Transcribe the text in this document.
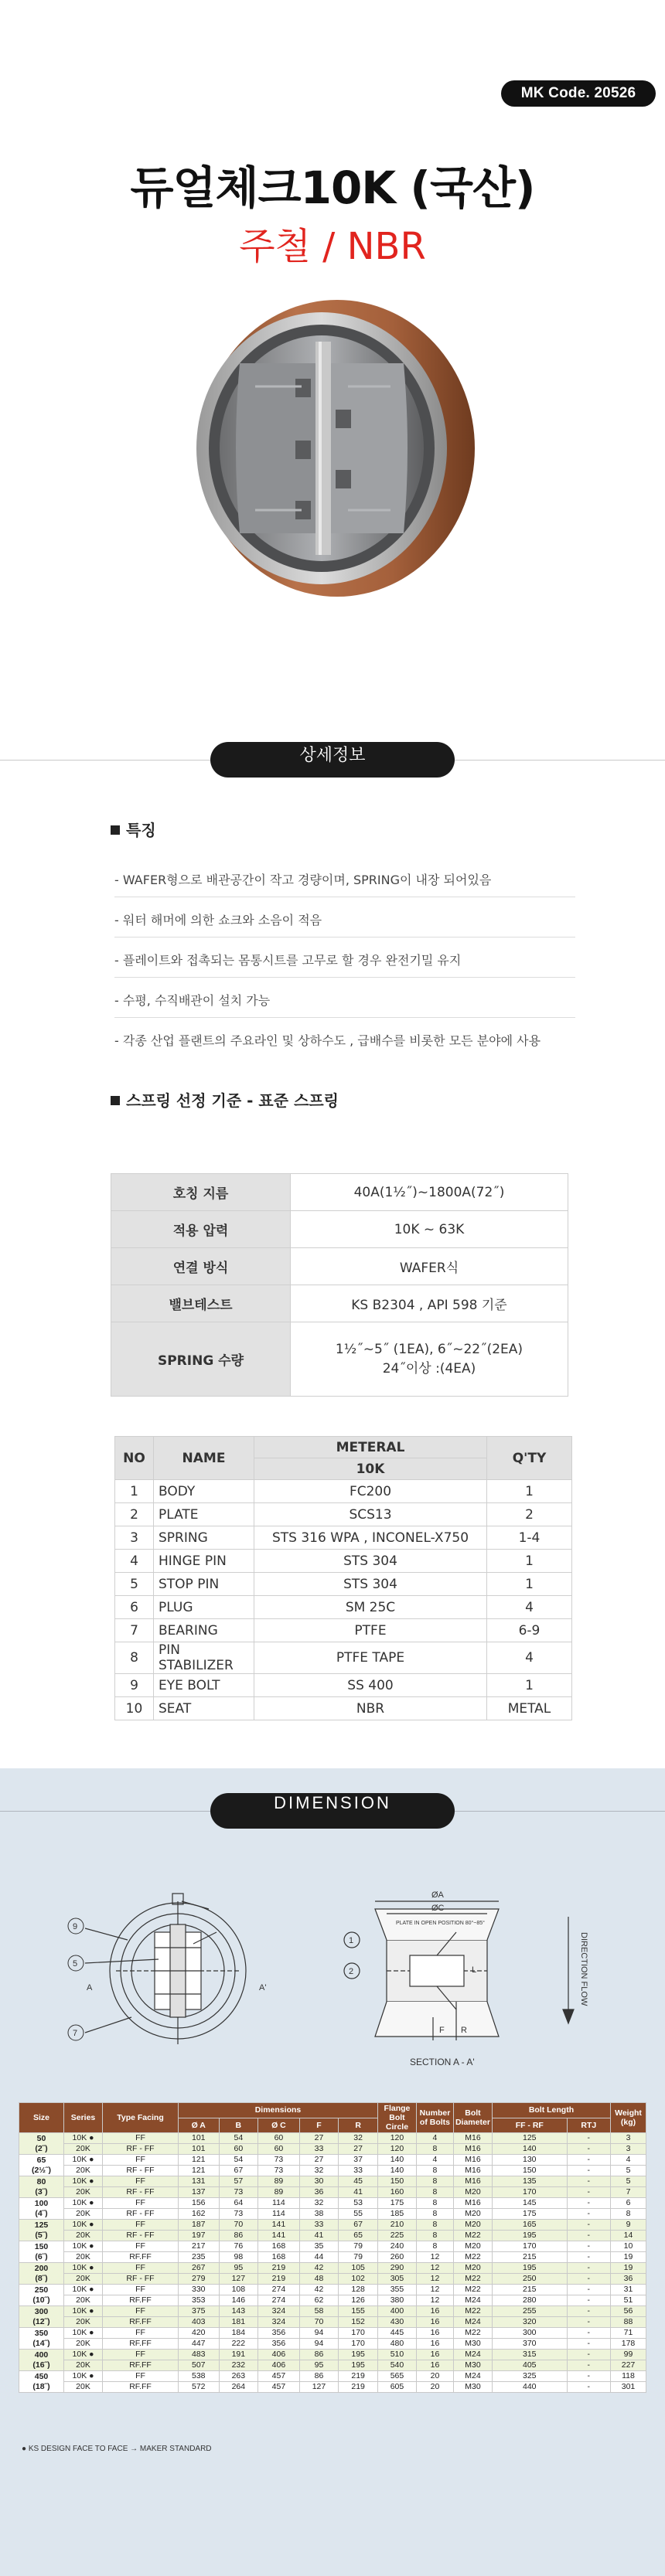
MK Code. 20526
듀얼체크10K (국산)
주철 / NBR
상세정보
특징
- WAFER형으로 배관공간이 작고 경량이며, SPRING이 내장 되어있음
- 워터 해머에 의한 쇼크와 소음이 적음
- 플레이트와 접촉되는 몸통시트를 고무로 할 경우 완전기밀 유지
- 수평, 수직배관이 설치 가능
- 각종 산업 플랜트의 주요라인 및 상하수도 , 급배수를 비롯한 모든 분야에 사용
스프링 선정 기준 - 표준 스프링
호칭 지름	40A(1½˝)~1800A(72˝)
적용 압력	10K ~ 63K
연결 방식	WAFER식
밸브테스트	KS B2304 , API 598 기준
SPRING 수량	1½˝~5˝ (1EA), 6˝~22˝(2EA)
24˝이상 :(4EA)
NO	NAME	METERAL	Q'TY
		10K	
1	BODY	FC200	1
2	PLATE	SCS13	2
3	SPRING	STS 316 WPA , INCONEL-X750	1-4
4	HINGE PIN	STS 304	1
5	STOP PIN	STS 304	1
6	PLUG	SM 25C	4
7	BEARING	PTFE	6-9
8	PIN STABILIZER	PTFE TAPE	4
9	EYE BOLT	SS 400	1
10	SEAT	NBR	METAL
DIMENSION
9
5
7
1
2
A	A'
ØA
ØC
PLATE IN OPEN POSITION 80°~85°
L
F R
SECTION A - A'
DIRECTION FLOW
Size	Series	Type Facing	Dimensions					Flange Bolt Circle	Number of Bolts	Bolt Diameter	Bolt Length		Weight (kg)
			Ø A	B	Ø C	F	R				FF - RF	RTJ	

50
(2˝)	10K ●	FF	101	54	60	27	32	120	4	M16	125	-	3
	20K	RF - FF	101	60	60	33	27	120	8	M16	140	-	3

65
(2½˝)	10K ●	FF	121	54	73	27	37	140	4	M16	130	-	4
	20K	RF - FF	121	67	73	32	33	140	8	M16	150	-	5

80
(3˝)	10K ●	FF	131	57	89	30	45	150	8	M16	135	-	5
	20K	RF - FF	137	73	89	36	41	160	8	M20	170	-	7

100
(4˝)	10K ●	FF	156	64	114	32	53	175	8	M16	145	-	6
	20K	RF - FF	162	73	114	38	55	185	8	M20	175	-	8

125
(5˝)	10K ●	FF	187	70	141	33	67	210	8	M20	165	-	9
	20K	RF - FF	197	86	141	41	65	225	8	M22	195	-	14

150
(6˝)	10K ●	FF	217	76	168	35	79	240	8	M20	170	-	10
	20K	RF.FF	235	98	168	44	79	260	12	M22	215	-	19

200
(8˝)	10K ●	FF	267	95	219	42	105	290	12	M20	195	-	19
	20K	RF - FF	279	127	219	48	102	305	12	M22	250	-	36

250
(10˝)	10K ●	FF	330	108	274	42	128	355	12	M22	215	-	31
	20K	RF.FF	353	146	274	62	126	380	12	M24	280	-	51

300
(12˝)	10K ●	FF	375	143	324	58	155	400	16	M22	255	-	56
	20K	RF.FF	403	181	324	70	152	430	16	M24	320	-	88

350
(14˝)	10K ●	FF	420	184	356	94	170	445	16	M22	300	-	71
	20K	RF.FF	447	222	356	94	170	480	16	M30	370	-	178

400
(16˝)	10K ●	FF	483	191	406	86	195	510	16	M24	315	-	99
	20K	RF.FF	507	232	406	95	195	540	16	M30	405	-	227

450
(18˝)	10K ●	FF	538	263	457	86	219	565	20	M24	325	-	118
	20K	RF.FF	572	264	457	127	219	605	20	M30	440	-	301
● KS DESIGN FACE TO FACE → MAKER STANDARD
